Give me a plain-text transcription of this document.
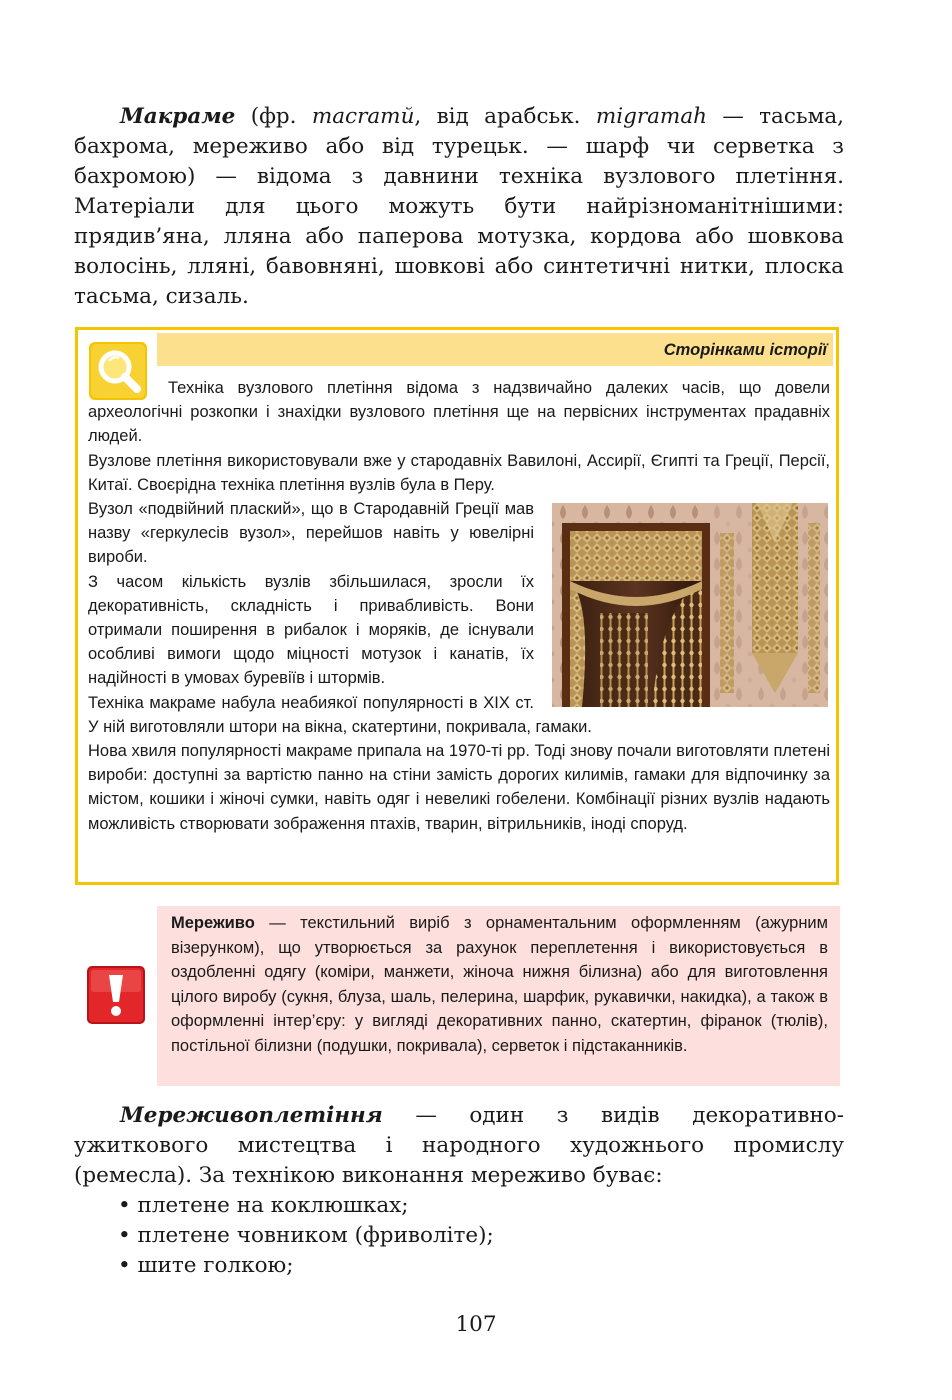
Макраме (фр. macramй, від арабськ. migramah — тасьма, бахрома, мереживо або від турецьк. — шарф чи серветка з бахромою) — відома з давнини техніка вузлового плетіння. Матеріали для цього можуть бути найрізноманітнішими: прядив’яна, лляна або паперова мотузка, кордова або шовкова волосінь, лляні, бавовняні, шовкові або синтетичні нитки, плоска тасьма, сизаль.

Сторінками історії

Техніка вузлового плетіння відома з надзвичайно далеких часів, що довели археологічні розкопки і знахідки вузлового плетіння ще на первісних інструментах прадавніх людей.

Вузлове плетіння використовували вже у стародавніх Вавилоні, Ассирії, Єгипті та Греції, Персії, Китаї. Своєрідна техніка плетіння вузлів була в Перу.

Вузол «подвійний плаский», що в Стародавній Греції мав назву «геркулесів вузол», перейшов навіть у ювелірні вироби.

З часом кількість вузлів збільшилася, зросли їх декоративність, складність і привабливість. Вони отримали поширення в рибалок і моряків, де існували особливі вимоги щодо міцності мотузок і канатів, їх надійності в умовах буревіїв і штормів.

Техніка макраме набула неабиякої популярності в XIX ст. У ній виготовляли штори на вікна, скатертини, покривала, гамаки.

Нова хвиля популярності макраме припала на 1970-ті рр. Тоді знову почали виготовляти плетені вироби: доступні за вартістю панно на стіни замість дорогих килимів, гамаки для відпочинку за містом, кошики і жіночі сумки, навіть одяг і невеликі гобелени. Комбінації різних вузлів надають можливість створювати зображення птахів, тварин, вітрильників, іноді споруд.

Мереживо — текстильний виріб з орнаментальним оформленням (ажурним візерунком), що утворюється за рахунок переплетення і використовується в оздобленні одягу (коміри, манжети, жіноча нижня білизна) або для виготовлення цілого виробу (сукня, блуза, шаль, пелерина, шарфик, рукавички, накидка), а також в оформленні інтер’єру: у вигляді декоративних панно, скатертин, фіранок (тюлів), постільної білизни (подушки, покривала), серветок і підстаканників.

Мереживоплетіння — один з видів декоративно-ужиткового мистецтва і народного художнього промислу (ремесла). За технікою виконання мереживо буває:

• плетене на коклюшках;
• плетене човником (фриволіте);
• шите голкою;
107
